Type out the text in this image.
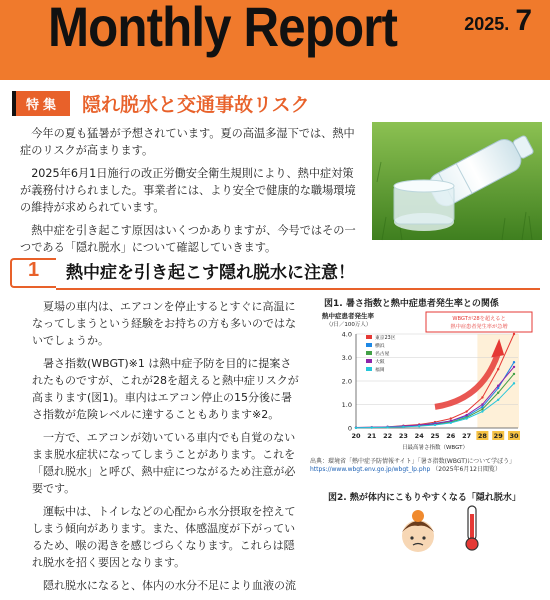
Monthly Report	2025. 7
特集	隠れ脱水と交通事故リスク

今年の夏も猛暑が予想されています。夏の高温多湿下では、熱中症のリスクが高まります。

2025年6月1日施行の改正労働安全衛生規則により、熱中症対策が義務付けられました。事業者には、より安全で健康的な職場環境の維持が求められています。

熱中症を引き起こす原因はいくつかありますが、今号ではその一つである「隠れ脱水」について確認していきます。

1 熱中症を引き起こす隠れ脱水に注意！

夏場の車内は、エアコンを停止するとすぐに高温になってしまうという経験をお持ちの方も多いのではないでしょうか。

暑さ指数(WBGT)※1 は熱中症予防を目的に提案されたものですが、これが28を超えると熱中症リスクが高まります(図1)。車内はエアコン停止の15分後に暑さ指数が危険レベルに達することもあります※2。

一方で、エアコンが効いている車内でも自覚のないまま脱水症状になってしまうことがあります。これを「隠れ脱水」と呼び、熱中症につながるため注意が必要です。

運転中は、トイレなどの心配から水分摂取を控えてしまう傾向があります。また、体感温度が下がっているため、喉の渇きを感じづらくなります。これらは隠れ脱水を招く要因となります。

隠れ脱水になると、体内の水分不足により血液の流

図1. 暑さ指数と熱中症患者発生率との関係
熱中症患者発生率
（/日／100万人）
0
1.0
2.0
3.0
4.0
20 21 22 23 24 25 26 27 28 29 30
日最高暑さ指数（WBGT）
東京23区
横浜
名古屋
大阪
福岡
WBGTが28を超えると
熱中症患者発生率が急増
出典：環境省「熱中症予防情報サイト」「暑さ指数(WBGT)について学ぼう」
https://www.wbgt.env.go.jp/wbgt_lp.php （2025年6月12日閲覧）
図2. 熱が体内にこもりやすくなる「隠れ脱水」
